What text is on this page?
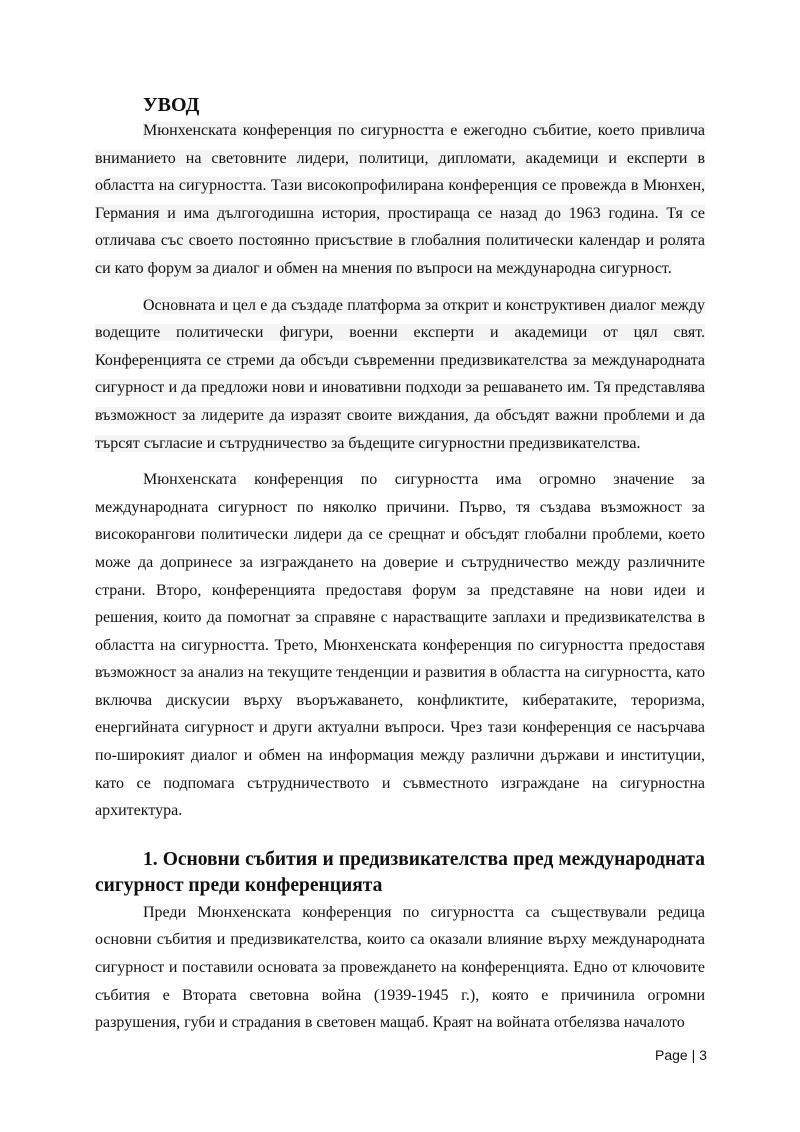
УВОД

Мюнхенската конференция по сигурността е ежегодно събитие, което привлича вниманието на световните лидери, политици, дипломати, академици и експерти в областта на сигурността. Тази високопрофилирана конференция се провежда в Мюнхен, Германия и има дългогодишна история, простираща се назад до 1963 година. Тя се отличава със своето постоянно присъствие в глобалния политически календар и ролята си като форум за диалог и обмен на мнения по въпроси на международна сигурност.

Основната и цел е да създаде платформа за открит и конструктивен диалог между водещите политически фигури, военни експерти и академици от цял свят. Конференцията се стреми да обсъди съвременни предизвикателства за международната сигурност и да предложи нови и иновативни подходи за решаването им. Тя представлява възможност за лидерите да изразят своите виждания, да обсъдят важни проблеми и да търсят съгласие и сътрудничество за бъдещите сигурностни предизвикателства.

Мюнхенската конференция по сигурността има огромно значение за международната сигурност по няколко причини. Първо, тя създава възможност за високорангови политически лидери да се срещнат и обсъдят глобални проблеми, което може да допринесе за изграждането на доверие и сътрудничество между различните страни. Второ, конференцията предоставя форум за представяне на нови идеи и решения, които да помогнат за справяне с нарастващите заплахи и предизвикателства в областта на сигурността. Трето, Мюнхенската конференция по сигурността предоставя възможност за анализ на текущите тенденции и развития в областта на сигурността, като включва дискусии върху въоръжаването, конфликтите, кибератаките, тероризма, енергийната сигурност и други актуални въпроси. Чрез тази конференция се насърчава по-широкият диалог и обмен на информация между различни държави и институции, като се подпомага сътрудничеството и съвместното изграждане на сигурностна архитектура.

1. Основни събития и предизвикателства пред международната сигурност преди конференцията

Преди Мюнхенската конференция по сигурността са съществували редица основни събития и предизвикателства, които са оказали влияние върху международната сигурност и поставили основата за провеждането на конференцията. Едно от ключовите събития е Втората световна война (1939-1945 г.), която е причинила огромни разрушения, губи и страдания в световен мащаб. Краят на войната отбелязва началото

Page | 3
